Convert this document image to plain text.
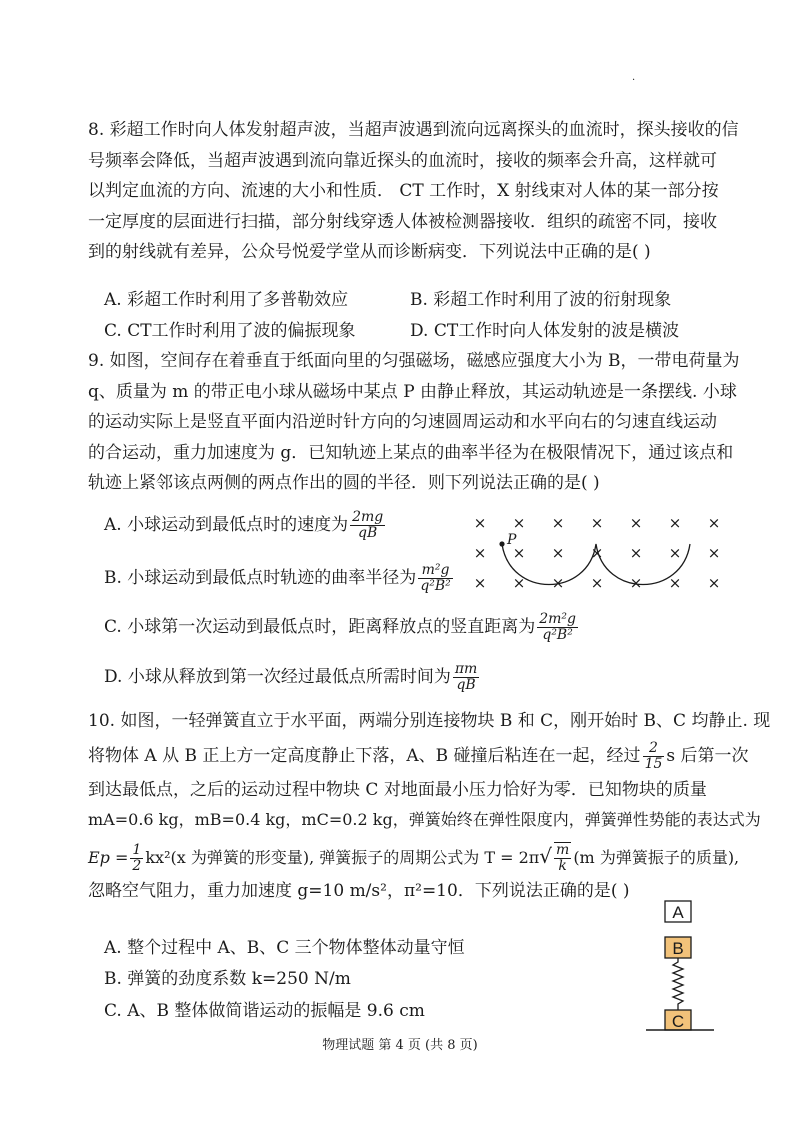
.
8. 彩超工作时向人体发射超声波，当超声波遇到流向远离探头的血流时，探头接收的信
号频率会降低，当超声波遇到流向靠近探头的血流时，接收的频率会升高，这样就可
以判定血流的方向、流速的大小和性质． CT 工作时，X 射线束对人体的某一部分按
一定厚度的层面进行扫描，部分射线穿透人体被检测器接收．组织的疏密不同，接收
到的射线就有差异，公众号悦爱学堂从而诊断病变．下列说法中正确的是( )
A. 彩超工作时利用了多普勒效应	B. 彩超工作时利用了波的衍射现象
C. CT工作时利用了波的偏振现象	D. CT工作时向人体发射的波是横波
9. 如图，空间存在着垂直于纸面向里的匀强磁场，磁感应强度大小为 B，一带电荷量为
q、质量为 m 的带正电小球从磁场中某点 P 由静止释放，其运动轨迹是一条摆线. 小球
的运动实际上是竖直平面内沿逆时针方向的匀速圆周运动和水平向右的匀速直线运动
的合运动，重力加速度为 g．已知轨迹上某点的曲率半径为在极限情况下，通过该点和
轨迹上紧邻该点两侧的两点作出的圆的半径．则下列说法正确的是( )
A. 小球运动到最低点时的速度为 $\frac{2mg}{qB}$
B. 小球运动到最低点时轨迹的曲率半径为 $\frac{\text{m²g}}{\text{q²B²}}$
C. 小球第一次运动到最低点时，距离释放点的竖直距离为 $\frac{\text{2m²g}}{\text{q²B²}}$
D. 小球从释放到第一次经过最低点所需时间为 $\frac{\pi m}{qB}$
× × × × × × ×
× × × × × × ×
× × × × × × ×
P
10. 如图，一轻弹簧直立于水平面，两端分别连接物块 B 和 C，刚开始时 B、C 均静止. 现
将物体 A 从 B 正上方一定高度静止下落，A、B 碰撞后粘连在一起，经过 $\frac{2}{15}$ s 后第一次
到达最低点，之后的运动过程中物块 C 对地面最小压力恰好为零．已知物块的质量
mA=0.6 kg，mB=0.4 kg，mC=0.2 kg，弹簧始终在弹性限度内，弹簧弹性势能的表达式为
$Ep = \frac{1}{2} kx^2(x$ 为弹簧的形变量), 弹簧振子的周期公式为 $T = 2\pi√ \frac{m}{k} (m$ 为弹簧振子的质量),
忽略空气阻力，重力加速度 g=10 m/s²，π²=10．下列说法正确的是( )
A. 整个过程中 A、B、C 三个物体整体动量守恒
B. 弹簧的劲度系数 k=250 N/m
C. A、B 整体做简谐运动的振幅是 9.6 cm
A
B
C
物理试题 第 4 页 (共 8 页)
